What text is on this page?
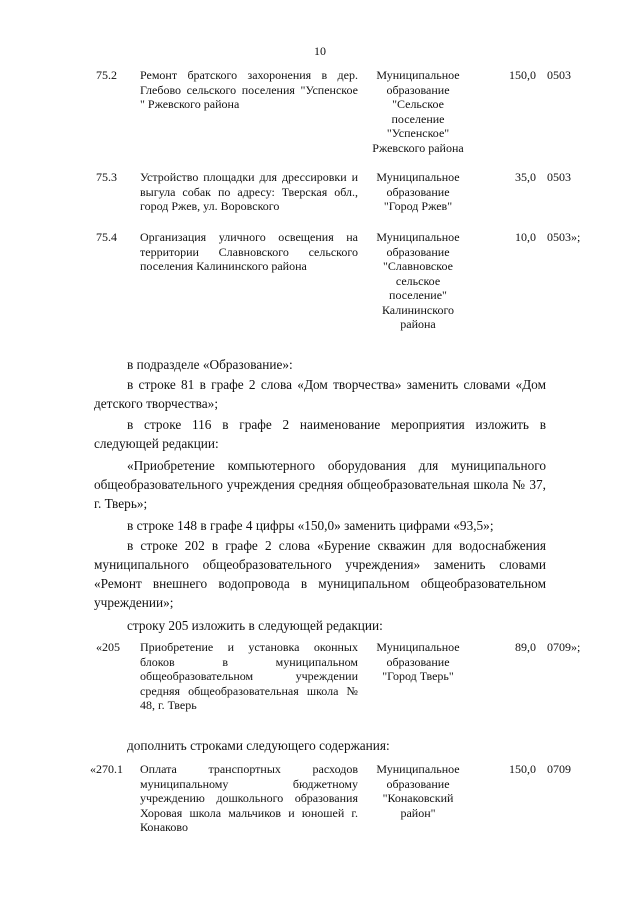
10
75.2	Ремонт братского захоронения в дер. Глебово сельского поселения "Успенское " Ржевского района
Муниципальное
образование
"Сельское
поселение
"Успенское"
Ржевского района
150,0 0503
75.3	Устройство площадки для дрессировки и выгула собак по адресу: Тверская обл., город Ржев, ул. Воровского
Муниципальное
образование
"Город Ржев"
35,0 0503
75.4	Организация уличного освещения на территории Славновского сельского поселения Калининского района
Муниципальное
образование
"Славновское
сельское
поселение"
Калининского
района
10,0 0503»;
в подразделе «Образование»:
в строке 81 в графе 2 слова «Дом творчества» заменить словами «Дом детского творчества»;
в строке 116 в графе 2 наименование мероприятия изложить в следующей редакции:
«Приобретение компьютерного оборудования для муниципального общеобразовательного учреждения средняя общеобразовательная школа № 37, г. Тверь»;
в строке 148 в графе 4 цифры «150,0» заменить цифрами «93,5»;
в строке 202 в графе 2 слова «Бурение скважин для водоснабжения муниципального общеобразовательного учреждения» заменить словами «Ремонт внешнего водопровода в муниципальном общеобразовательном учреждении»;
строку 205 изложить в следующей редакции:
«205	Приобретение и установка оконных блоков в муниципальном общеобразовательном учреждении средняя общеобразовательная школа № 48, г. Тверь
Муниципальное
образование
"Город Тверь"
89,0 0709»;
дополнить строками следующего содержания:
«270.1	Оплата транспортных расходов муниципальному бюджетному учреждению дошкольного образования Хоровая школа мальчиков и юношей г. Конаково
Муниципальное
образование
"Конаковский
район"
150,0 0709
